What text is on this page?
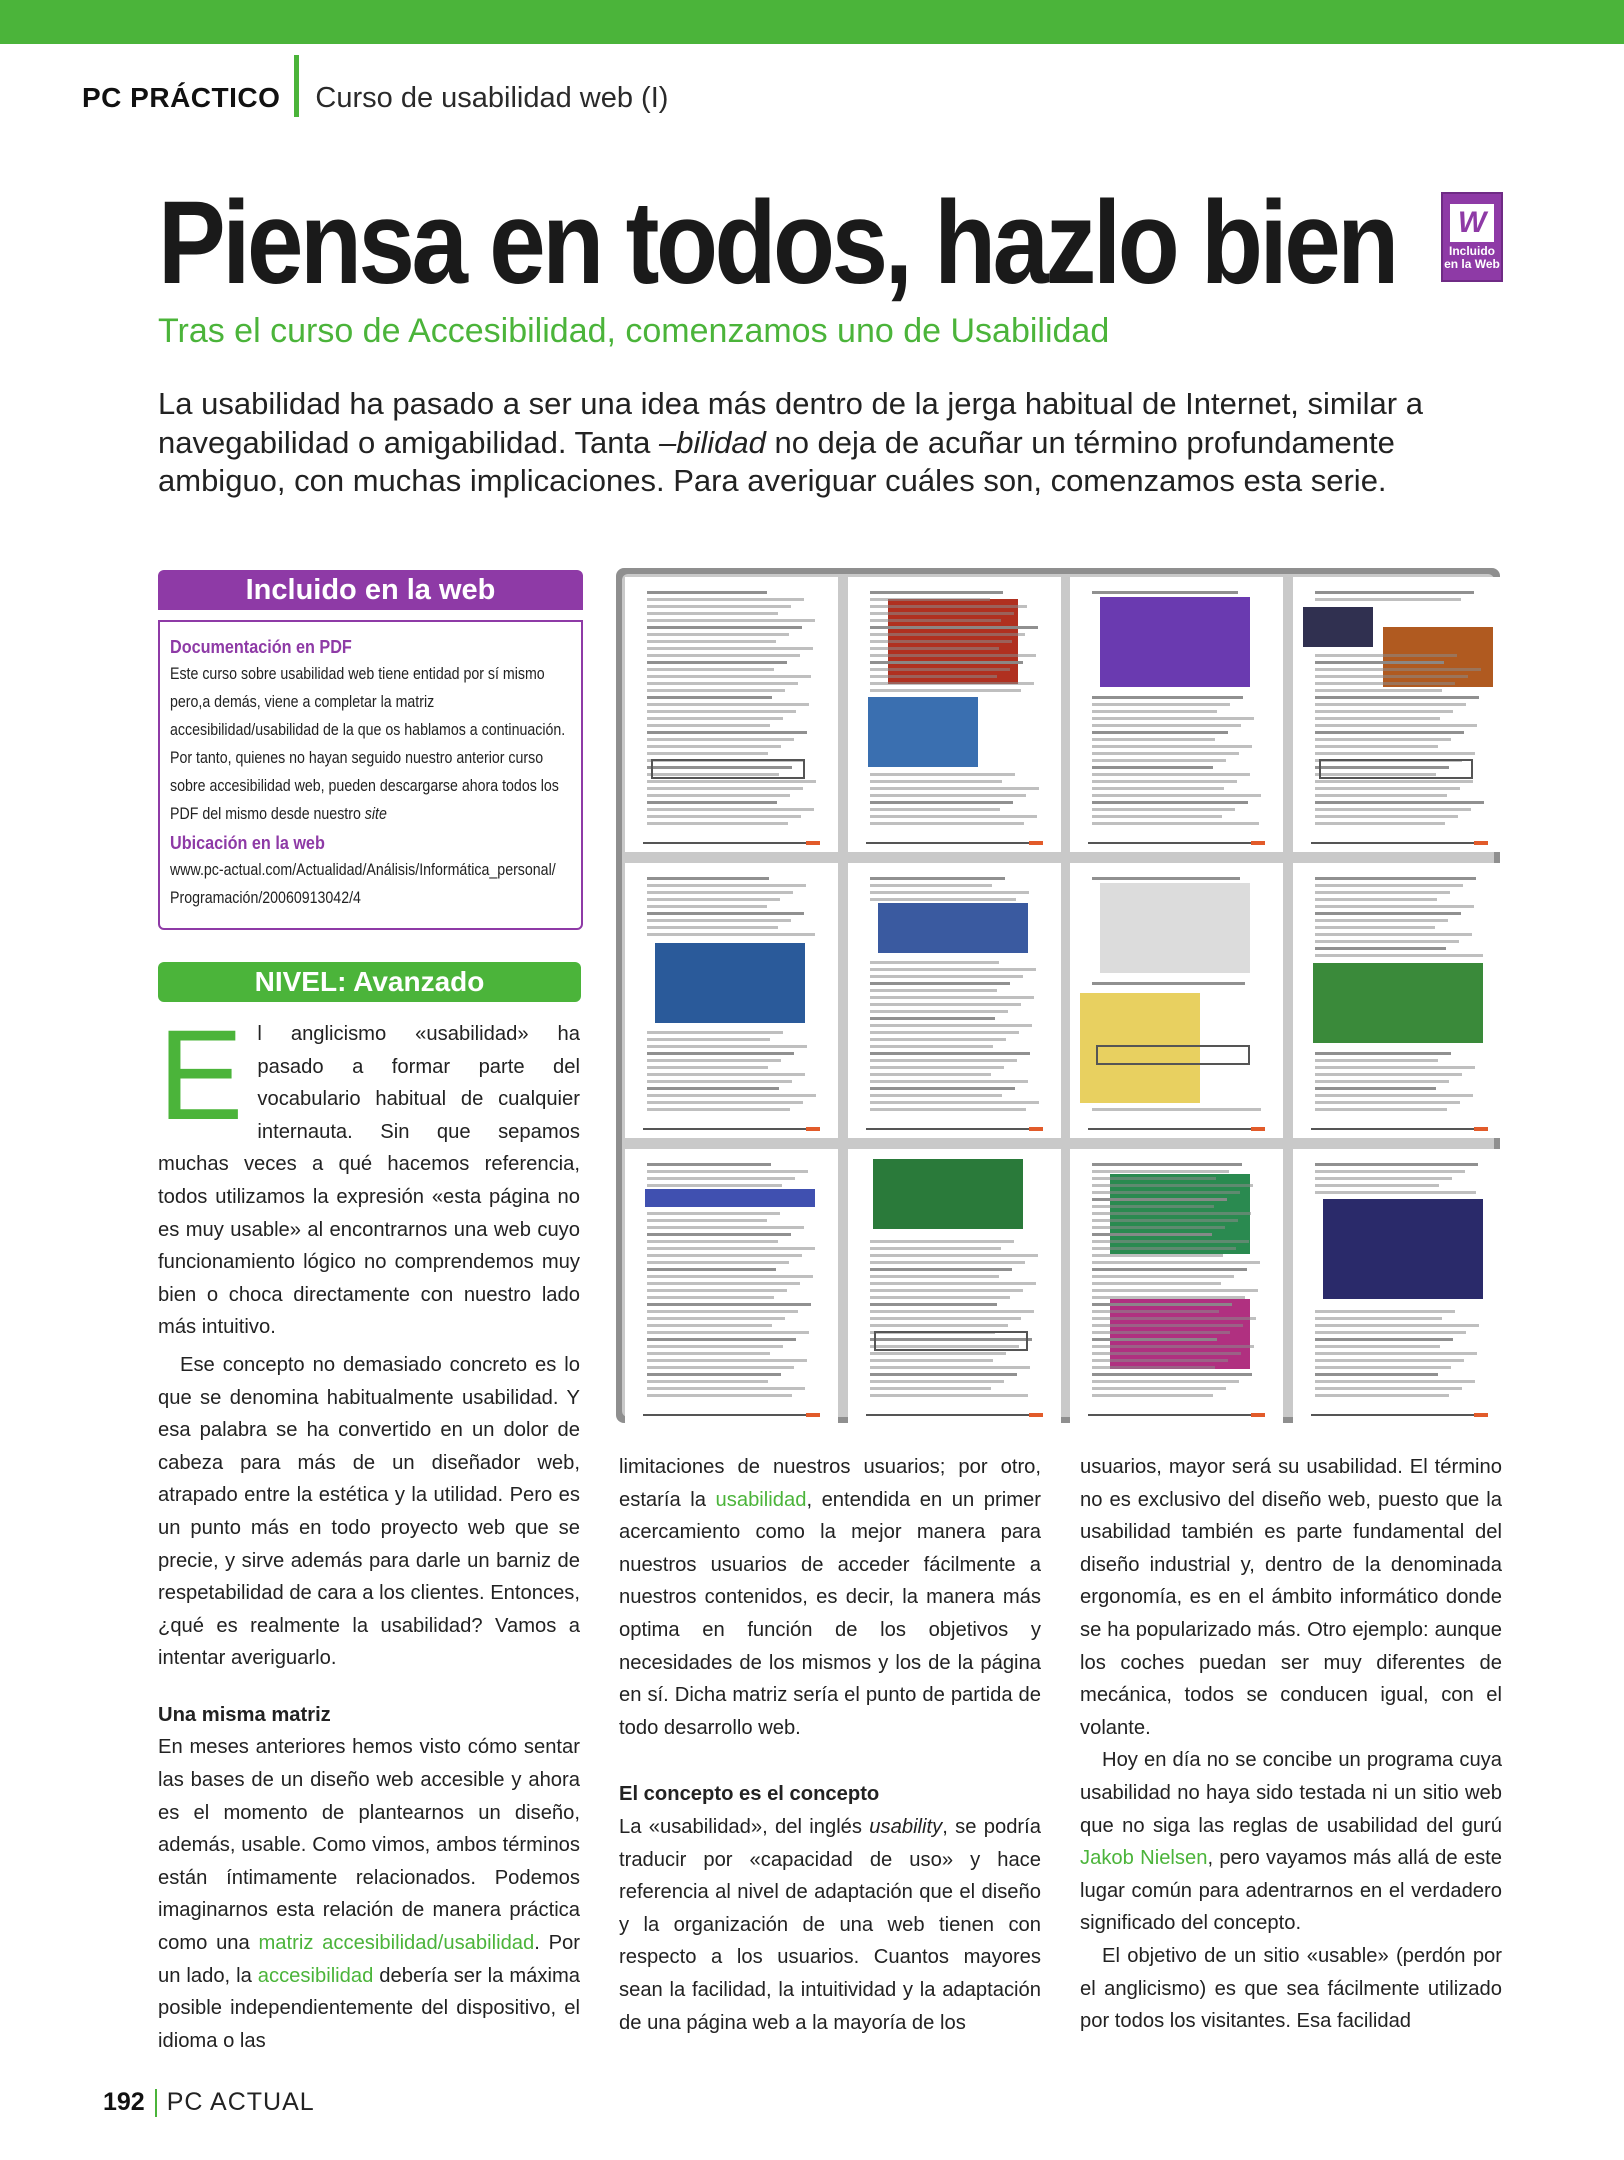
PC PRÁCTICO Curso de usabilidad web (I)
Piensa en todos, hazlo bien W
Incluido en la Web
Tras el curso de Accesibilidad, comenzamos uno de Usabilidad
La usabilidad ha pasado a ser una idea más dentro de la jerga habitual de Internet, similar a navegabilidad o amigabilidad. Tanta –bilidad no deja de acuñar un término profundamente ambiguo, con muchas implicaciones. Para averiguar cuáles son, comenzamos esta serie.
Incluido en la web
Documentación en PDF
Este curso sobre usabilidad web tiene entidad por sí mismo pero,a demás, viene a completar la matriz accesibilidad/usabilidad de la que os hablamos a continuación. Por tanto, quienes no hayan seguido nuestro anterior curso sobre accesibilidad web, pueden descargarse ahora todos los PDF del mismo desde nuestro site
Ubicación en la web
www.pc-actual.com/Actualidad/Análisis/Informática_personal/ Programación/20060913042/4
NIVEL: Avanzado

El anglicismo «usabilidad» ha pasado a formar parte del vocabulario habitual de cualquier internauta. Sin que sepamos muchas veces a qué hacemos referencia, todos utilizamos la expresión «esta página no es muy usable» al encontrarnos una web cuyo funcionamiento lógico no comprendemos muy bien o choca directamente con nuestro lado más intuitivo.

Ese concepto no demasiado concreto es lo que se denomina habitualmente usabilidad. Y esa palabra se ha convertido en un dolor de cabeza para más de un diseñador web, atrapado entre la estética y la utilidad. Pero es un punto más en todo proyecto web que se precie, y sirve además para darle un barniz de respetabilidad de cara a los clientes. Entonces, ¿qué es realmente la usabilidad? Vamos a intentar averiguarlo.

Una misma matriz

En meses anteriores hemos visto cómo sentar las bases de un diseño web accesible y ahora es el momento de plantearnos un diseño, además, usable. Como vimos, ambos términos están íntimamente relacionados. Podemos imaginarnos esta relación de manera práctica como una matriz accesibilidad/usabilidad. Por un lado, la accesibilidad debería ser la máxima posible independientemente del dispositivo, el idioma o las

limitaciones de nuestros usuarios; por otro, estaría la usabilidad, entendida en un primer acercamiento como la mejor manera para nuestros usuarios de acceder fácilmente a nuestros contenidos, es decir, la manera más optima en función de los objetivos y necesidades de los mismos y los de la página en sí. Dicha matriz sería el punto de partida de todo desarrollo web.

El concepto es el concepto

La «usabilidad», del inglés usability, se podría traducir por «capacidad de uso» y hace referencia al nivel de adaptación que el diseño y la organización de una web tienen con respecto a los usuarios. Cuantos mayores sean la facilidad, la intuitividad y la adaptación de una página web a la mayoría de los

usuarios, mayor será su usabilidad. El término no es exclusivo del diseño web, puesto que la usabilidad también es parte fundamental del diseño industrial y, dentro de la denominada ergonomía, es en el ámbito informático donde se ha popularizado más. Otro ejemplo: aunque los coches puedan ser muy diferentes de mecánica, todos se conducen igual, con el volante.

Hoy en día no se concibe un programa cuya usabilidad no haya sido testada ni un sitio web que no siga las reglas de usabilidad del gurú Jakob Nielsen, pero vayamos más allá de este lugar común para adentrarnos en el verdadero significado del concepto.

El objetivo de un sitio «usable» (perdón por el anglicismo) es que sea fácilmente utilizado por todos los visitantes. Esa facilidad

192 PC ACTUAL
